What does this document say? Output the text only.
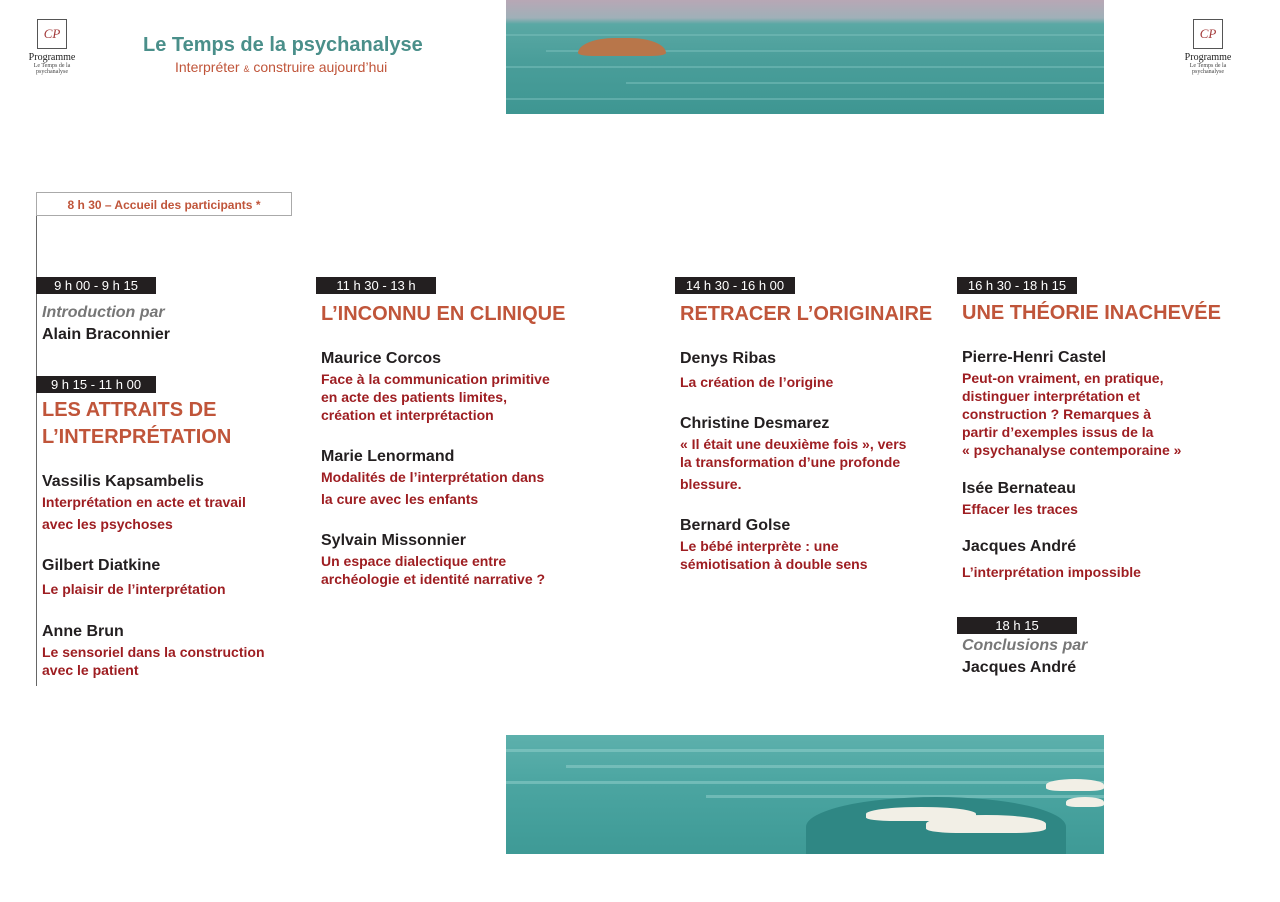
CP
Programme
Le Temps de la psychanalyse
CP
Programme
Le Temps de la psychanalyse
Le Temps de la psychanalyse
Interpréter & construire aujourd’hui
8 h 30 – Accueil des participants *
9 h 00 - 9 h 15
Introduction par
Alain Braconnier
9 h 15 - 11 h 00
LES ATTRAITS DE
L’INTERPRÉTATION
Vassilis Kapsambelis
Interprétation en acte et travail
avec les psychoses
Gilbert Diatkine
Le plaisir de l’interprétation
Anne Brun
Le sensoriel dans la construction
avec le patient
11 h 30 - 13 h
L’INCONNU EN CLINIQUE
Maurice Corcos
Face à la communication primitive
en acte des patients limites,
création et interprétaction
Marie Lenormand
Modalités de l’interprétation dans
la cure avec les enfants
Sylvain Missonnier
Un espace dialectique entre
archéologie et identité narrative ?
14 h 30 - 16 h 00
RETRACER L’ORIGINAIRE
Denys Ribas
La création de l’origine
Christine Desmarez
« Il était une deuxième fois », vers
la transformation d’une profonde
blessure.
Bernard Golse
Le bébé interprète : une
sémiotisation à double sens
16 h 30 - 18 h 15
UNE THÉORIE INACHEVÉE
Pierre-Henri Castel
Peut-on vraiment, en pratique,
distinguer interprétation et
construction ? Remarques à
partir d’exemples issus de la
« psychanalyse contemporaine »
Isée Bernateau
Effacer les traces
Jacques André
L’interprétation impossible
18 h 15
Conclusions par
Jacques André
